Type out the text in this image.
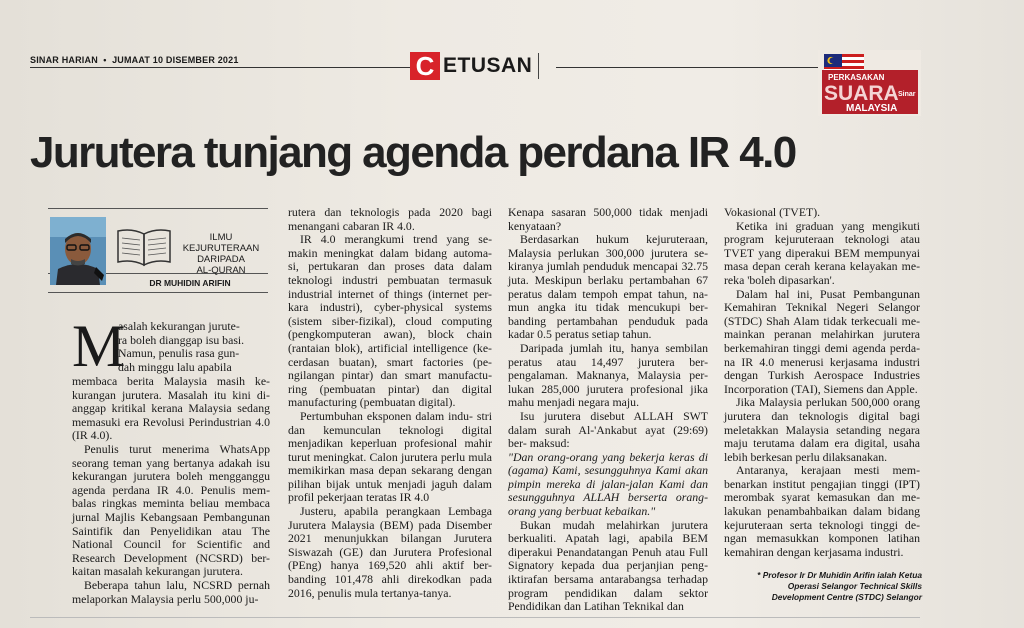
SINAR HARIAN  •  JUMAAT 10 DISEMBER 2021	C ETUSAN
PERKASAKAN
SUARA
MALAYSIA
Sinar
Jurutera tunjang agenda perdana IR 4.0
ILMU
KEJURUTERAAN
DARIPADA
AL-QURAN
DR MUHIDIN ARIFIN
M
asalah kekurangan jurute-
ra boleh dianggap isu basi.
Namun, penulis rasa gun-
dah minggu lalu apabila

membaca berita Malaysia masih ke- kurangan jurutera. Masalah itu kini di- anggap kritikal kerana Malaysia sedang memasuki era Revolusi Perindustrian 4.0 (IR 4.0).

Penulis turut menerima WhatsApp seorang teman yang bertanya adakah isu kekurangan jurutera boleh mengganggu agenda perdana IR 4.0. Penulis mem- balas ringkas meminta beliau membaca jurnal Majlis Kebangsaan Pembangunan Saintifik dan Penyelidikan atau The National Council for Scientific and Research Development (NCSRD) ber- kaitan masalah kekurangan jurutera.

Beberapa tahun lalu, NCSRD pernah melaporkan Malaysia perlu 500,000 ju-

rutera dan teknologis pada 2020 bagi menangani cabaran IR 4.0.

IR 4.0 merangkumi trend yang se- makin meningkat dalam bidang automa- si, pertukaran dan proses data dalam teknologi industri pembuatan termasuk industrial internet of things (internet per- kara industri), cyber-physical systems (sistem siber-fizikal), cloud computing (pengkomputeran awan), block chain (rantaian blok), artificial intelligence (ke- cerdasan buatan), smart factories (pe- ngilangan pintar) dan smart manufactu- ring (pembuatan pintar) dan digital manufacturing (pembuatan digital).

Pertumbuhan eksponen dalam indu- stri dan kemunculan teknologi digital menjadikan keperluan profesional mahir turut meningkat. Calon jurutera perlu mula memikirkan masa depan sekarang dengan pilihan bijak untuk menjadi jaguh dalam profil pekerjaan teratas IR 4.0

Justeru, apabila perangkaan Lembaga Jurutera Malaysia (BEM) pada Disember 2021 menunjukkan bilangan Jurutera Siswazah (GE) dan Jurutera Profesional (PEng) hanya 169,520 ahli aktif ber- banding 101,478 ahli direkodkan pada 2016, penulis mula tertanya-tanya.

Kenapa sasaran 500,000 tidak menjadi kenyataan?

Berdasarkan hukum kejuruteraan, Malaysia perlukan 300,000 jurutera se- kiranya jumlah penduduk mencapai 32.75 juta. Meskipun berlaku pertambahan 67 peratus dalam tempoh empat tahun, na- mun angka itu tidak mencukupi ber- banding pertambahan penduduk pada kadar 0.5 peratus setiap tahun.

Daripada jumlah itu, hanya sembilan peratus atau 14,497 jurutera ber- pengalaman. Maknanya, Malaysia per- lukan 285,000 jurutera profesional jika mahu menjadi negara maju.

Isu jurutera disebut ALLAH SWT dalam surah Al-'Ankabut ayat (29:69) ber- maksud:

"Dan orang-orang yang bekerja keras di (agama) Kami, sesungguhnya Kami akan pimpin mereka di jalan-jalan Kami dan sesungguhnya ALLAH berserta orang-orang yang berbuat kebaikan."

Bukan mudah melahirkan jurutera berkualiti. Apatah lagi, apabila BEM diperakui Penandatangan Penuh atau Full Signatory kepada dua perjanjian peng- iktirafan bersama antarabangsa terhadap program pendidikan dalam sektor Pendidikan dan Latihan Teknikal dan

Vokasional (TVET).

Ketika ini graduan yang mengikuti program kejuruteraan teknologi atau TVET yang diperakui BEM mempunyai masa depan cerah kerana kelayakan me- reka 'boleh dipasarkan'.

Dalam hal ini, Pusat Pembangunan Kemahiran Teknikal Negeri Selangor (STDC) Shah Alam tidak terkecuali me- mainkan peranan melahirkan jurutera berkemahiran tinggi demi agenda perda- na IR 4.0 menerusi kerjasama industri dengan Turkish Aerospace Industries Incorporation (TAI), Siemens dan Apple.

Jika Malaysia perlukan 500,000 orang jurutera dan teknologis digital bagi meletakkan Malaysia setanding negara maju terutama dalam era digital, usaha lebih berkesan perlu dilaksanakan.

Antaranya, kerajaan mesti mem- benarkan institut pengajian tinggi (IPT) merombak syarat kemasukan dan me- lakukan penambahbaikan dalam bidang kejuruteraan serta teknologi tinggi de- ngan memasukkan komponen latihan kemahiran dengan kerjasama industri.

* Profesor Ir Dr Muhidin Arifin ialah Ketua Operasi Selangor Technical Skills Development Centre (STDC) Selangor
